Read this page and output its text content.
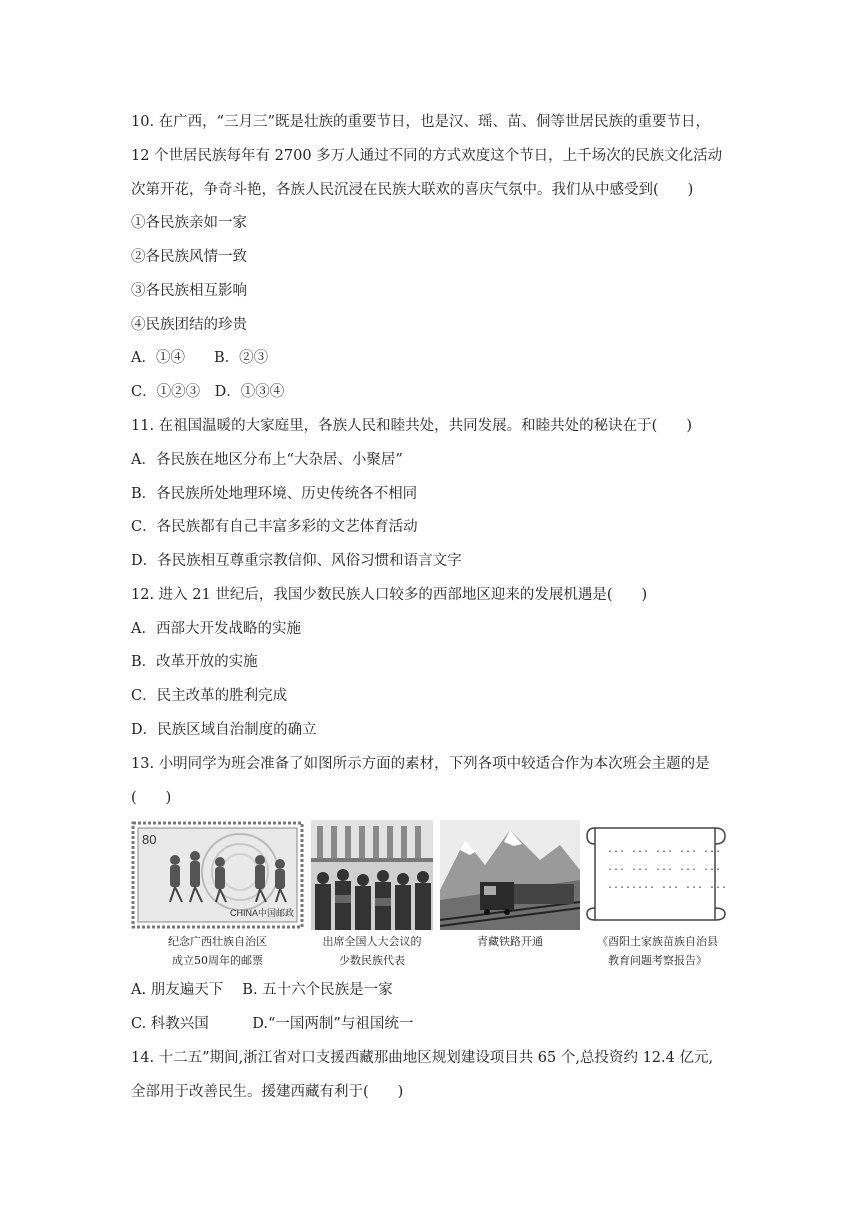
10. 在广西，“三月三”既是壮族的重要节日，也是汉、瑶、苗、侗等世居民族的重要节日，
12 个世居民族每年有 2700 多万人通过不同的方式欢度这个节日，上千场次的民族文化活动
次第开花，争奇斗艳，各族人民沉浸在民族大联欢的喜庆气氛中。我们从中感受到(　　)
①各民族亲如一家
②各民族风情一致
③各民族相互影响
④民族团结的珍贵
A．①④　　B．②③
C．①②③　D．①③④
11. 在祖国温暖的大家庭里，各族人民和睦共处，共同发展。和睦共处的秘诀在于(　　)
A．各民族在地区分布上“大杂居、小聚居”
B．各民族所处地理环境、历史传统各不相同
C．各民族都有自己丰富多彩的文艺体育活动
D．各民族相互尊重宗教信仰、风俗习惯和语言文字
12. 进入 21 世纪后，我国少数民族人口较多的西部地区迎来的发展机遇是(　　)
A．西部大开发战略的实施
B．改革开放的实施
C．民主改革的胜利完成
D．民族区域自治制度的确立
13. 小明同学为班会准备了如图所示方面的素材，下列各项中较适合作为本次班会主题的是
(　　)
80
CHINA中国邮政
纪念广西壮族自治区
成立50周年的邮票
出席全国人大会议的
少数民族代表
青藏铁路开通
... ... ... ... ...
... ... ... ... ...
........ ... ... ...
《酉阳土家族苗族自治县
教育问题考察报告》
A. 朋友遍天下　 B. 五十六个民族是一家
C. 科教兴国　　　D.“一国两制”与祖国统一
14. 十二五”期间,浙江省对口支援西藏那曲地区规划建设项目共 65 个,总投资约 12.4 亿元,
全部用于改善民生。援建西藏有利于(　　)
